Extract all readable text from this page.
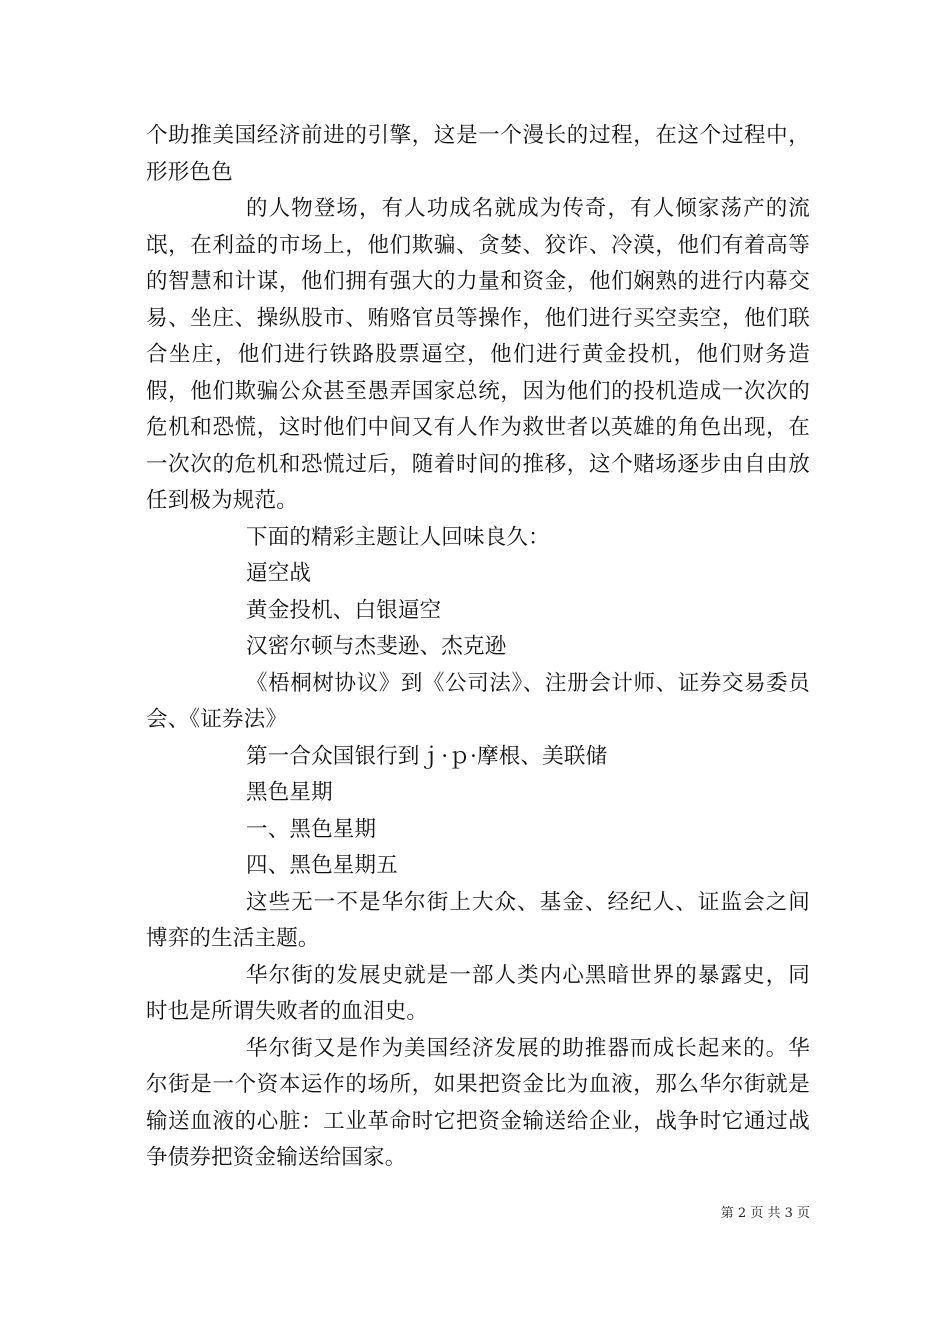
个助推美国经济前进的引擎，这是一个漫长的过程，在这个过程中，形形色色

的人物登场，有人功成名就成为传奇，有人倾家荡产的流氓，在利益的市场上，他们欺骗、贪婪、狡诈、冷漠，他们有着高等的智慧和计谋，他们拥有强大的力量和资金，他们娴熟的进行内幕交易、坐庄、操纵股市、贿赂官员等操作，他们进行买空卖空，他们联合坐庄，他们进行铁路股票逼空，他们进行黄金投机，他们财务造假，他们欺骗公众甚至愚弄国家总统，因为他们的投机造成一次次的危机和恐慌，这时他们中间又有人作为救世者以英雄的角色出现，在一次次的危机和恐慌过后，随着时间的推移，这个赌场逐步由自由放任到极为规范。

下面的精彩主题让人回味良久：

逼空战

黄金投机、白银逼空

汉密尔顿与杰斐逊、杰克逊

《梧桐树协议》到《公司法》、注册会计师、证券交易委员会、《证券法》

第一合众国银行到ｊ·ｐ·摩根、美联储

黑色星期

一、黑色星期

四、黑色星期五

这些无一不是华尔街上大众、基金、经纪人、证监会之间博弈的生活主题。

华尔街的发展史就是一部人类内心黑暗世界的暴露史，同时也是所谓失败者的血泪史。

华尔街又是作为美国经济发展的助推器而成长起来的。华尔街是一个资本运作的场所，如果把资金比为血液，那么华尔街就是输送血液的心脏：工业革命时它把资金输送给企业，战争时它通过战争债券把资金输送给国家。

第 2 页 共 3 页
